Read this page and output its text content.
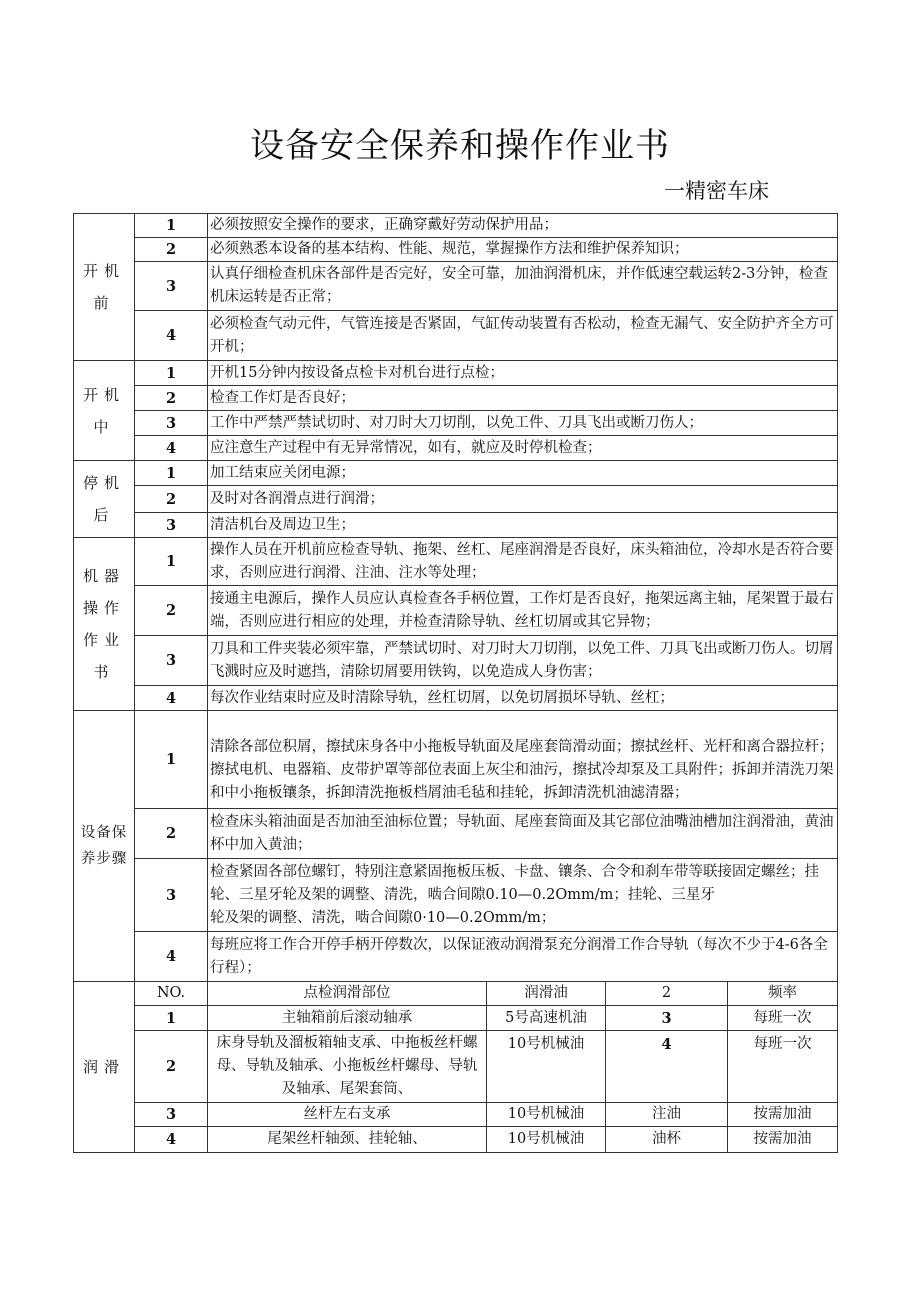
设备安全保养和操作作业书
一精密车床
开机
前	1	必须按照安全操作的要求，正确穿戴好劳动保护用品；			
	2	必须熟悉本设备的基本结构、性能、规范，掌握操作方法和维护保养知识；			
	3	认真仔细检查机床各部件是否完好，安全可靠，加油润滑机床，并作低速空载运转2-3分钟，检查机床运转是否正常；			
	4	必须检查气动元件，气管连接是否紧固，气缸传动装置有否松动，检查无漏气、安全防护齐全方可开机；			
开机
中	1	开机15分钟内按设备点检卡对机台进行点检；			
	2	检查工作灯是否良好；			
	3	工作中严禁严禁试切时、对刀时大刀切削，以免工件、刀具飞出或断刀伤人；			
	4	应注意生产过程中有无异常情况，如有，就应及时停机检查；			
停机
后	1	加工结束应关闭电源；			
	2	及时对各润滑点进行润滑；			
	3	清洁机台及周边卫生；			
机器
操作
作业
书	1	操作人员在开机前应检查导轨、拖架、丝杠、尾座润滑是否良好，床头箱油位，冷却水是否符合要求，否则应进行润滑、注油、注水等处理；			
	2	接通主电源后，操作人员应认真检查各手柄位置，工作灯是否良好，拖架远离主轴，尾架置于最右端，否则应进行相应的处理，并检查清除导轨、丝杠切屑或其它异物；			
	3	刀具和工件夹装必须牢靠，严禁试切时、对刀时大刀切削，以免工件、刀具飞出或断刀伤人。切屑飞溅时应及时遮挡，清除切屑要用铁钩，以免造成人身伤害；			
	4	每次作业结束时应及时清除导轨，丝杠切屑，以免切屑损坏导轨、丝杠；			
设备保
养步骤	1	清除各部位积屑，擦拭床身各中小拖板导轨面及尾座套筒滑动面；擦拭丝杆、光杆和离合器拉杆；擦拭电机、电器箱、皮带护罩等部位表面上灰尘和油污，擦拭冷却泵及工具附件；拆卸并清洗刀架和中小拖板镶条，拆卸清洗拖板档屑油毛毡和挂轮，拆卸清洗机油滤清器；			
	2	检查床头箱油面是否加油至油标位置；导轨面、尾座套筒面及其它部位油嘴油槽加注润滑油，黄油杯中加入黄油；			
	3	检查紧固各部位螺钉，特别注意紧固拖板压板、卡盘、镶条、合令和刹车带等联接固定螺丝；挂轮、三星牙轮及架的调整、清洗，啮合间隙0.10—0.2Omm/m；挂轮、三星牙
轮及架的调整、清洗，啮合间隙0·10—0.2Omm/m；			

	4	每班应将工作合开停手柄开停数次，以保证液动润滑泵充分润滑工作合导轨（每次不少于4-6各全行程）；			
润滑	NO.	点检润滑部位	润滑油	2	频率
	1	主轴箱前后滚动轴承	5号高速机油	3	每班一次
	2	床身导轨及溜板箱轴支承、中拖板丝杆螺母、导轨及轴承、小拖板丝杆螺母、导轨及轴承、尾架套筒、	10号机械油	4	每班一次
	3	丝杆左右支承	10号机械油	注油	按需加油
	4	尾架丝杆轴颈、挂轮轴、	10号机械油	油杯	按需加油
